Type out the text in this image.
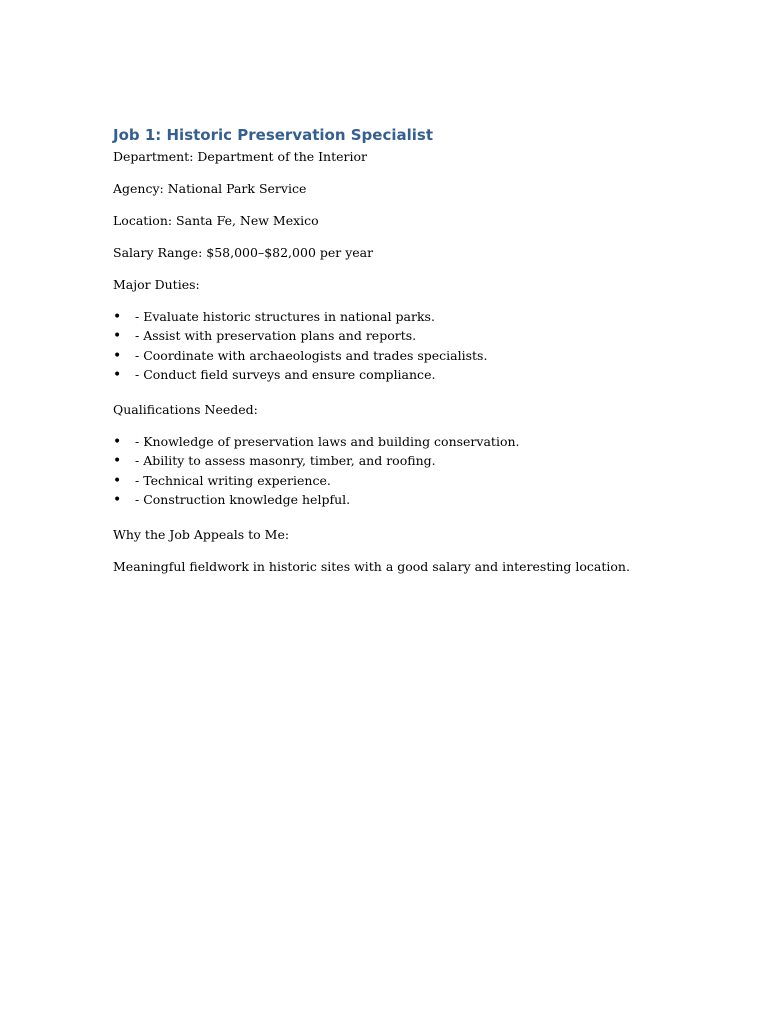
Job 1: Historic Preservation Specialist

Department: Department of the Interior

Agency: National Park Service

Location: Santa Fe, New Mexico

Salary Range: $58,000–$82,000 per year

Major Duties:

• - Evaluate historic structures in national parks.
• - Assist with preservation plans and reports.
• - Coordinate with archaeologists and trades specialists.
• - Conduct field surveys and ensure compliance.

Qualifications Needed:

• - Knowledge of preservation laws and building conservation.
• - Ability to assess masonry, timber, and roofing.
• - Technical writing experience.
• - Construction knowledge helpful.

Why the Job Appeals to Me:

Meaningful fieldwork in historic sites with a good salary and interesting location.
